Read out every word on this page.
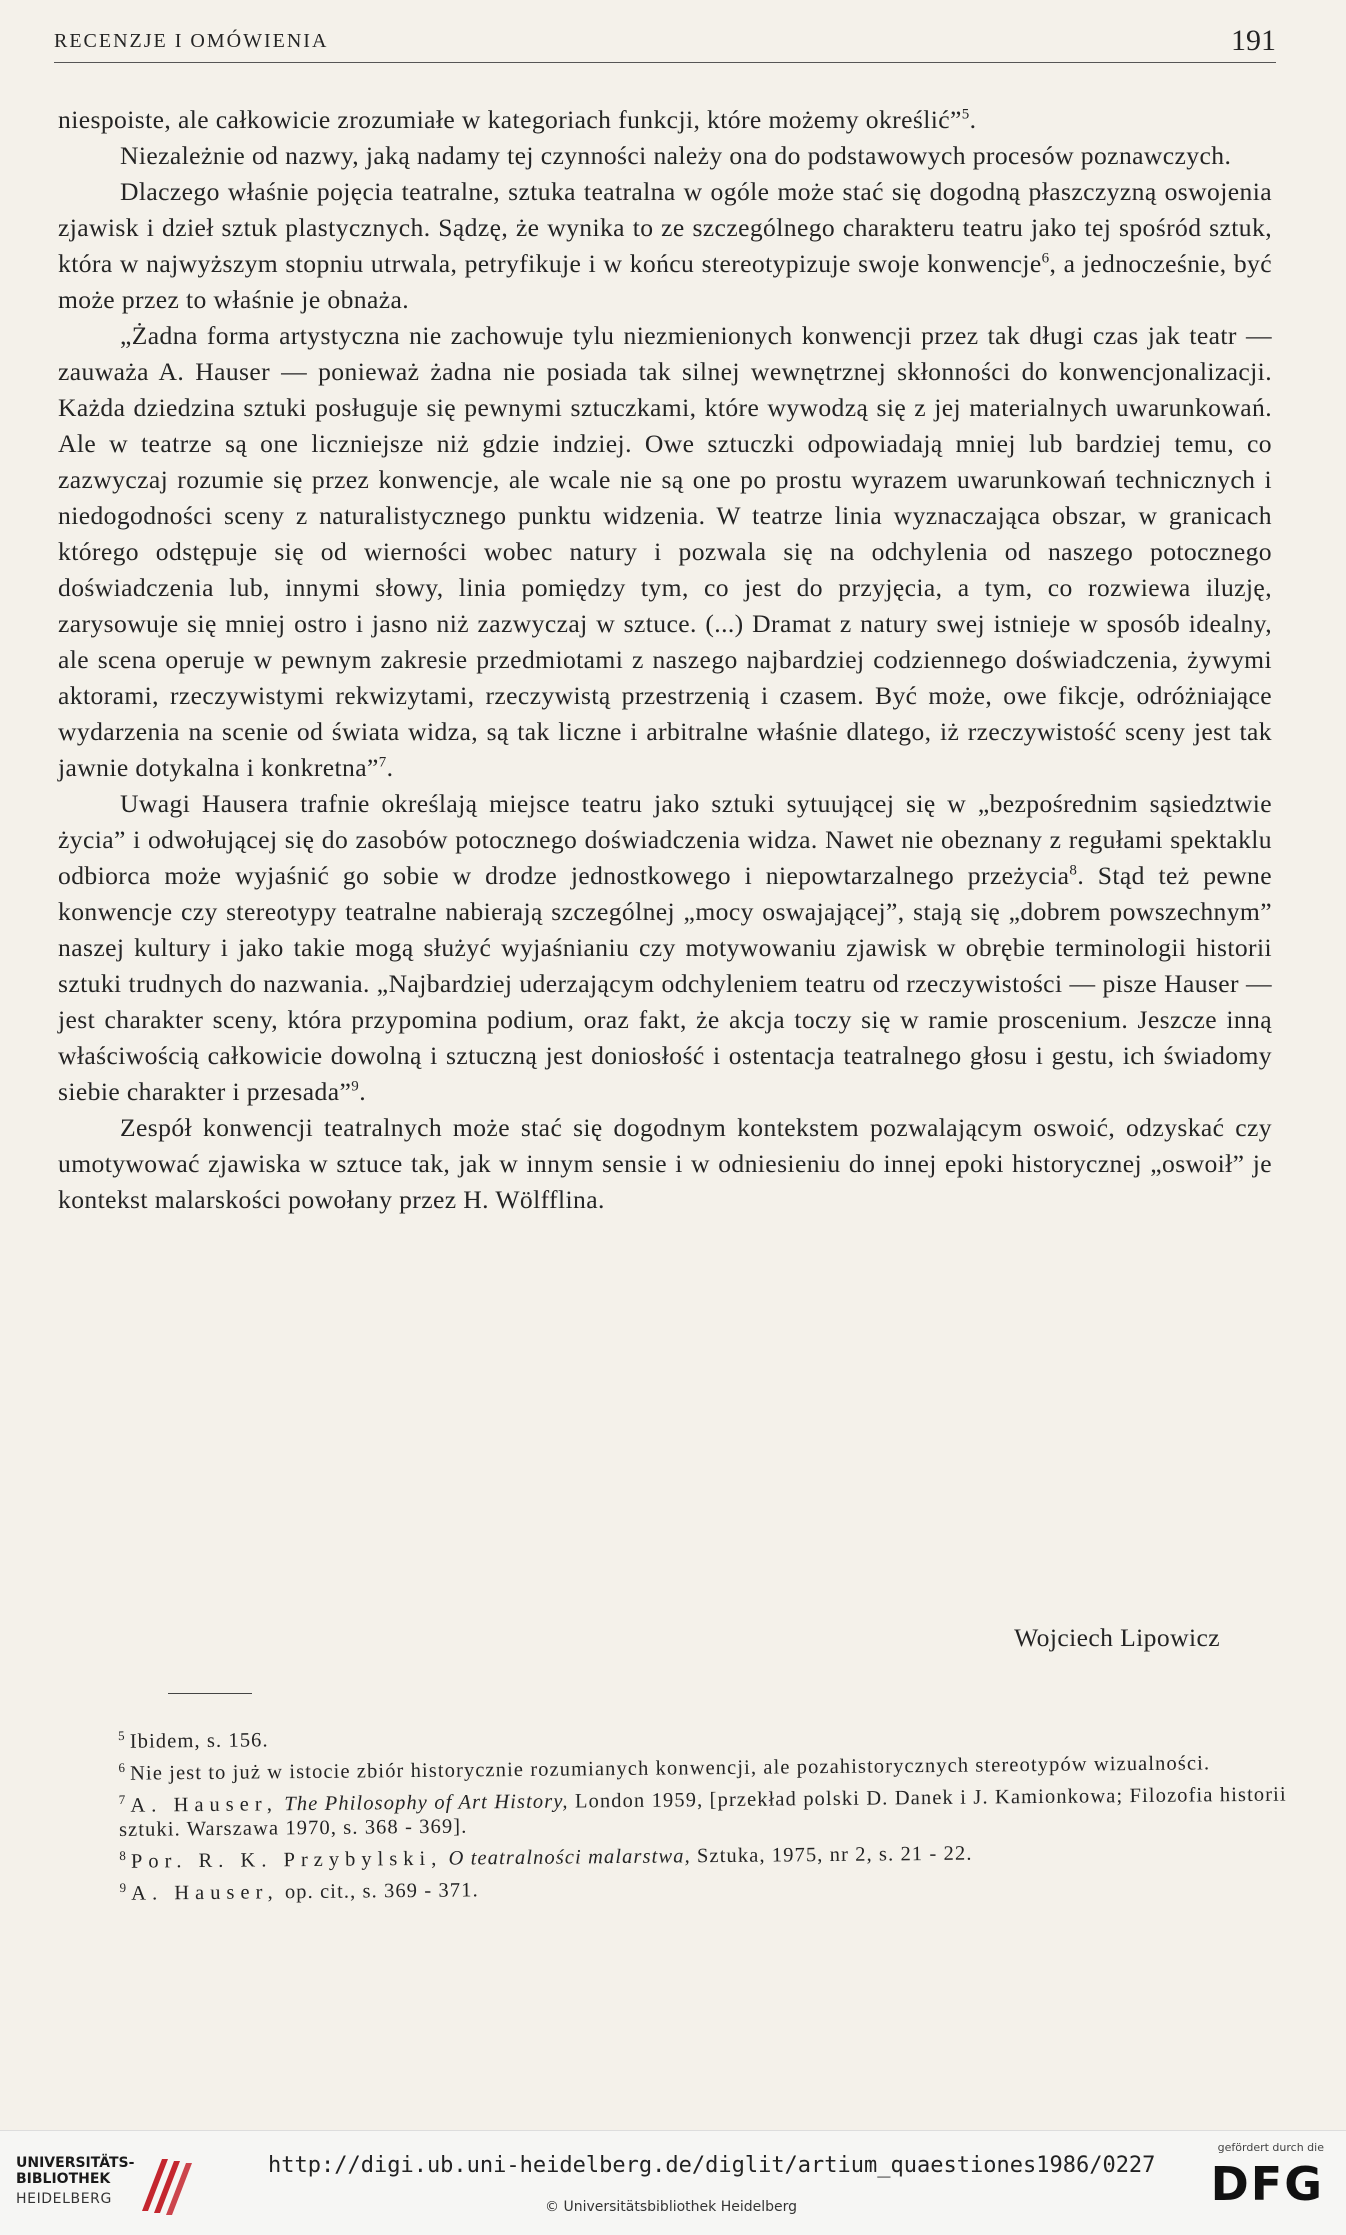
RECENZJE I OMÓWIENIA	191

niespoiste, ale całkowicie zrozumiałe w kategoriach funkcji, które możemy określić”$^5$.

Niezależnie od nazwy, jaką nadamy tej czynności należy ona do podstawowych procesów poznawczych.

Dlaczego właśnie pojęcia teatralne, sztuka teatralna w ogóle może stać się dogodną płaszczyzną oswojenia zjawisk i dzieł sztuk plastycznych. Sądzę, że wynika to ze szczególnego charakteru teatru jako tej spośród sztuk, która w najwyższym stopniu utrwala, petryfikuje i w końcu stereotypizuje swoje konwencje$^6$, a jednocześnie, być może przez to właśnie je obnaża.

„Żadna forma artystyczna nie zachowuje tylu niezmienionych konwencji przez tak długi czas jak teatr — zauważa A. Hauser — ponieważ żadna nie posiada tak silnej wewnętrznej skłonności do konwencjonalizacji. Każda dziedzina sztuki posługuje się pewnymi sztuczkami, które wywodzą się z jej materialnych uwarunkowań. Ale w teatrze są one liczniejsze niż gdzie indziej. Owe sztuczki odpowiadają mniej lub bardziej temu, co zazwyczaj rozumie się przez konwencje, ale wcale nie są one po prostu wyrazem uwarunkowań technicznych i niedogodności sceny z naturalistycznego punktu widzenia. W teatrze linia wyznaczająca obszar, w granicach którego odstępuje się od wierności wobec natury i pozwala się na odchylenia od naszego potocznego doświadczenia lub, innymi słowy, linia pomiędzy tym, co jest do przyjęcia, a tym, co rozwiewa iluzję, zarysowuje się mniej ostro i jasno niż zazwyczaj w sztuce. (...) Dramat z natury swej istnieje w sposób idealny, ale scena operuje w pewnym zakresie przedmiotami z naszego najbardziej codziennego doświadczenia, żywymi aktorami, rzeczywistymi rekwizytami, rzeczywistą przestrzenią i czasem. Być może, owe fikcje, odróżniające wydarzenia na scenie od świata widza, są tak liczne i arbitralne właśnie dlatego, iż rzeczywistość sceny jest tak jawnie dotykalna i konkretna”$^7$.

Uwagi Hausera trafnie określają miejsce teatru jako sztuki sytuującej się w „bezpośrednim sąsiedztwie życia” i odwołującej się do zasobów potocznego doświadczenia widza. Nawet nie obeznany z regułami spektaklu odbiorca może wyjaśnić go sobie w drodze jednostkowego i niepowtarzalnego przeżycia$^8$. Stąd też pewne konwencje czy stereotypy teatralne nabierają szczególnej „mocy oswajającej”, stają się „dobrem powszechnym” naszej kultury i jako takie mogą służyć wyjaśnianiu czy motywowaniu zjawisk w obrębie terminologii historii sztuki trudnych do nazwania. „Najbardziej uderzającym odchyleniem teatru od rzeczywistości — pisze Hauser — jest charakter sceny, która przypomina podium, oraz fakt, że akcja toczy się w ramie proscenium. Jeszcze inną właściwością całkowicie dowolną i sztuczną jest doniosłość i ostentacja teatralnego głosu i gestu, ich świadomy siebie charakter i przesada”$^9$.

Zespół konwencji teatralnych może stać się dogodnym kontekstem pozwalającym oswoić, odzyskać czy umotywować zjawiska w sztuce tak, jak w innym sensie i w odniesieniu do innej epoki historycznej „oswoił” je kontekst malarskości powołany przez H. Wölfflina.

Wojciech Lipowicz

$^5$ Ibidem, s. 156.

$^6$ Nie jest to już w istocie zbiór historycznie rozumianych konwencji, ale pozahistorycznych stereotypów wizualności.

$^7$ A. Hauser, The Philosophy of Art History, London 1959, [przekład polski D. Danek i J. Kamionkowa; Filozofia historii sztuki. Warszawa 1970, s. 368 - 369].

$^8$ Por. R. K. Przybylski, O teatralności malarstwa, Sztuka, 1975, nr 2, s. 21 - 22.

$^9$ A. Hauser, op. cit., s. 369 - 371.

UNIVERSITÄTS-
BIBLIOTHEK
HEIDELBERG
http://digi.ub.uni-heidelberg.de/diglit/artium_quaestiones1986/0227
© Universitätsbibliothek Heidelberg
gefördert durch die
DFG
